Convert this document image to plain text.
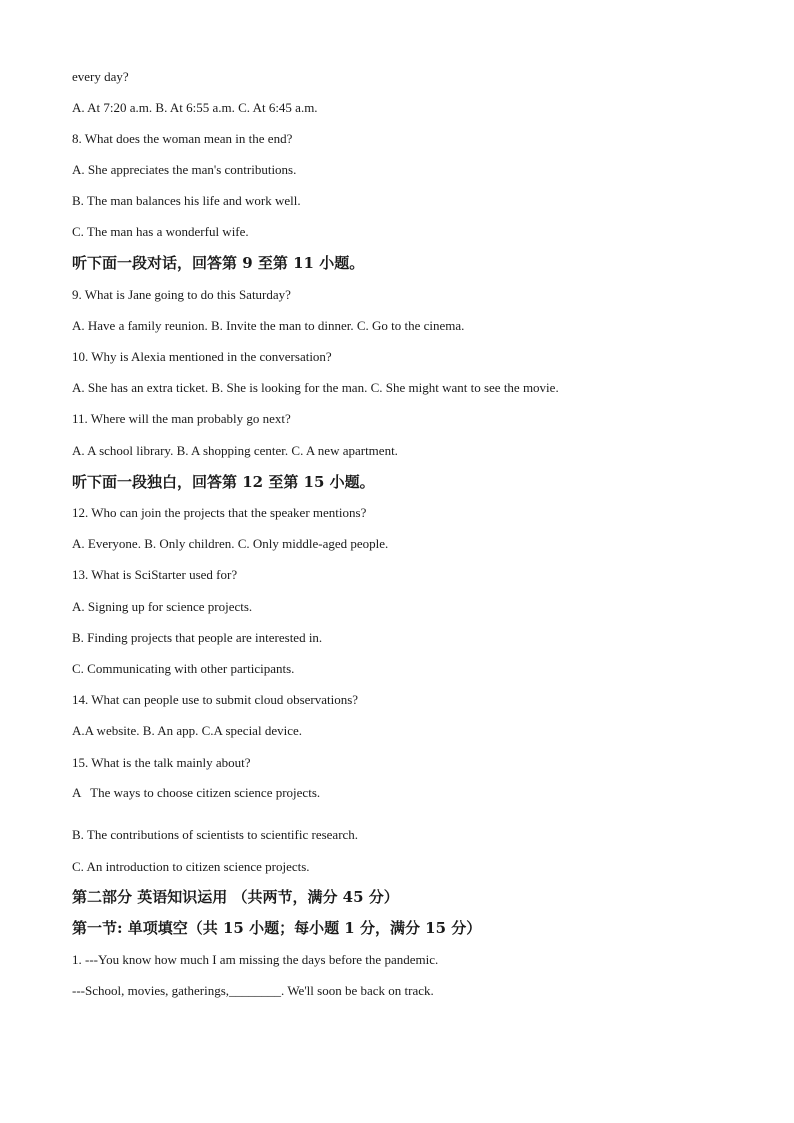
every day?
A. At 7:20 a.m. B. At 6:55 a.m. C. At 6:45 a.m.
8. What does the woman mean in the end?
A. She appreciates the man's contributions.
B. The man balances his life and work well.
C. The man has a wonderful wife.
听下面一段对话，回答第 9 至第 11 小题。
9. What is Jane going to do this Saturday?
A. Have a family reunion. B. Invite the man to dinner. C. Go to the cinema.
10. Why is Alexia mentioned in the conversation?
A. She has an extra ticket. B. She is looking for the man. C. She might want to see the movie.
11. Where will the man probably go next?
A. A school library. B. A shopping center. C. A new apartment.
听下面一段独白，回答第 12 至第 15 小题。
12. Who can join the projects that the speaker mentions?
A. Everyone. B. Only children. C. Only middle-aged people.
13. What is SciStarter used for?
A. Signing up for science projects.
B. Finding projects that people are interested in.
C. Communicating with other participants.
14. What can people use to submit cloud observations?
A.A website. B. An app. C.A special device.
15. What is the talk mainly about?
A   The ways to choose citizen science projects.
B. The contributions of scientists to scientific research.
C. An introduction to citizen science projects.
第二部分 英语知识运用 （共两节，满分 45 分）
第一节: 单项填空（共 15 小题；每小题 1 分，满分 15 分）
1. ---You know how much I am missing the days before the pandemic.
---School, movies, gatherings,________. We'll soon be back on track.
